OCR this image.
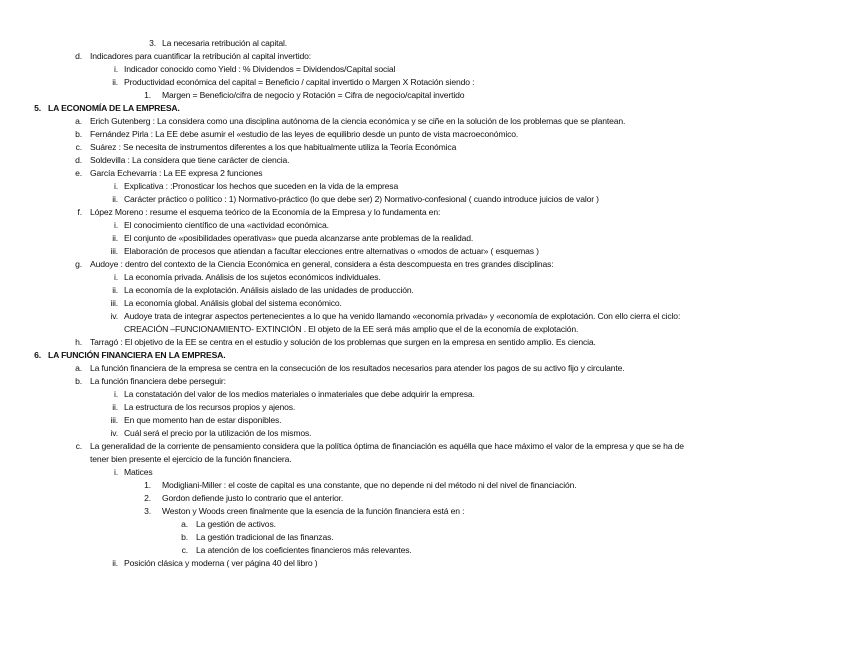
3. La necesaria retribución al capital.
d. Indicadores para cuantificar la retribución al capital invertido:
i. Indicador conocido como Yield : % Dividendos = Dividendos/Capital social
ii. Productividad económica del capital = Beneficio / capital invertido o Margen X Rotación siendo :
1. Margen = Beneficio/cifra de negocio y Rotación = Cifra de negocio/capital invertido
5. LA ECONOMÍA DE LA EMPRESA.
a. Erich Gutenberg : La considera como una disciplina autónoma de la ciencia económica y se ciñe en la solución de los problemas que se plantean.
b. Fernández Pirla : La EE debe asumir el «estudio de las leyes de equilibrio desde un punto de vista macroeconómico.
c. Suárez : Se necesita de instrumentos diferentes a los que habitualmente utiliza la Teoría Económica
d. Soldevilla : La considera que tiene carácter de ciencia.
e. García Echevarria : La EE expresa 2 funciones
i. Explicativa : :Pronosticar los hechos que suceden en la vida de la empresa
ii. Carácter práctico o político : 1) Normativo-práctico (lo que debe ser) 2) Normativo-confesional ( cuando introduce juicios de valor )
f. López Moreno : resume el esquema teórico de la Economía de la Empresa y lo fundamenta en:
i. El conocimiento científico de una «actividad económica.
ii. El conjunto de «posibilidades operativas» que pueda alcanzarse ante problemas de la realidad.
iii. Elaboración de procesos que atiendan a facultar elecciones entre alternativas o «modos de actuar» ( esquemas )
g. Audoye : dentro del contexto de la Ciencia Económica en general, considera a ésta descompuesta en tres grandes disciplinas:
i. La economía privada. Análisis de los sujetos económicos individuales.
ii. La economía de la explotación. Análisis aislado de las unidades de producción.
iii. La economía global. Análisis global del sistema económico.
iv. Audoye trata de integrar aspectos pertenecientes a lo que ha venido llamando «economía privada» y «economía de explotación. Con ello cierra el ciclo:
CREACIÓN –FUNCIONAMIENTO- EXTINCIÓN . El objeto de la EE será más amplio que el de la economía de explotación.
h. Tarragó : El objetivo de la EE se centra en el estudio y solución de los problemas que surgen en la empresa en sentido amplio. Es ciencia.
6. LA FUNCIÓN FINANCIERA EN LA EMPRESA.
a. La función financiera de la empresa se centra en la consecución de los resultados necesarios para atender los pagos de su activo fijo y circulante.
b. La función financiera debe perseguir:
i. La constatación del valor de los medios materiales o inmateriales que debe adquirir la empresa.
ii. La estructura de los recursos propios y ajenos.
iii. En que momento han de estar disponibles.
iv. Cuál será el precio por la utilización de los mismos.
c. La generalidad de la corriente de pensamiento considera que la política óptima de financiación es aquélla que hace máximo el valor de la empresa y que se ha de
tener bien presente el ejercicio de la función financiera.
i. Matices
1. Modigliani-Miller : el coste de capital es una constante, que no depende ni del método ni del nivel de financiación.
2. Gordon defiende justo lo contrario que el anterior.
3. Weston y Woods creen finalmente que la esencia de la función financiera está en :
a. La gestión de activos.
b. La gestión tradicional de las finanzas.
c. La atención de los coeficientes financieros más relevantes.
ii. Posición clásica y moderna ( ver página 40 del libro )
